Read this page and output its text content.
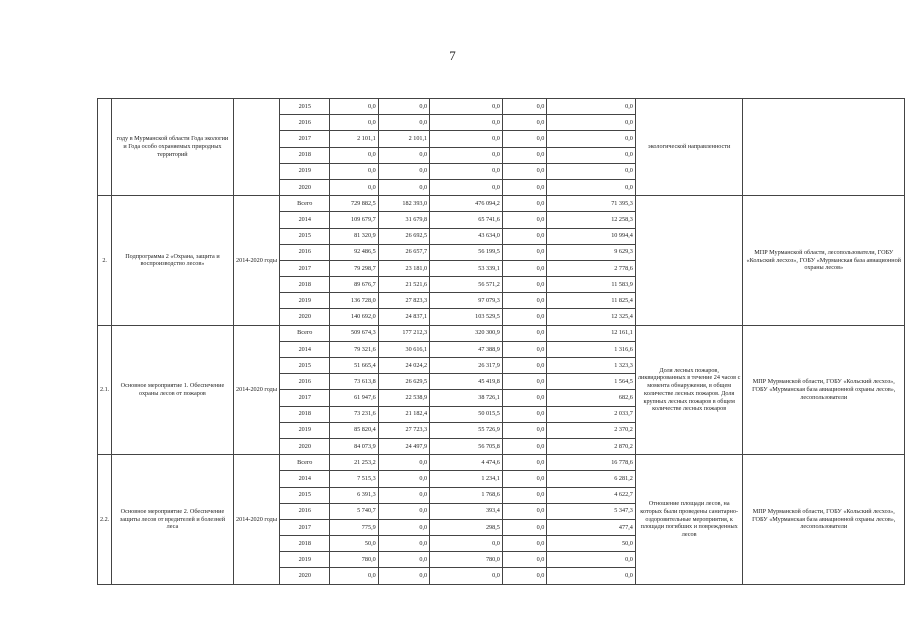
7
	году в Мурманской области Года экологии и Года особо охраняемых природных территорий		2015	0,0	0,0	0,0	0,0	0,0	экологической направленности	
			2016	0,0	0,0	0,0	0,0	0,0		
			2017	2 101,1	2 101,1	0,0	0,0	0,0		
			2018	0,0	0,0	0,0	0,0	0,0		
			2019	0,0	0,0	0,0	0,0	0,0		
			2020	0,0	0,0	0,0	0,0	0,0		
2.	Подпрограмма 2 «Охрана, защита и воспроизводство лесов»	2014-2020 годы	Всего	729 882,5	182 393,0	476 094,2	0,0	71 395,3		МПР Мурманской области, лесопользователи, ГОБУ «Кольский лесхоз», ГОБУ «Мурманская база авиационной охраны лесов»
			2014	109 679,7	31 679,8	65 741,6	0,0	12 258,3		
			2015	81 320,9	26 692,5	43 634,0	0,0	10 994,4		
			2016	92 486,5	26 657,7	56 199,5	0,0	9 629,3		
			2017	79 298,7	23 181,0	53 339,1	0,0	2 778,6		
			2018	89 676,7	21 521,6	56 571,2	0,0	11 583,9		
			2019	136 728,0	27 823,3	97 079,3	0,0	11 825,4		
			2020	140 692,0	24 837,1	103 529,5	0,0	12 325,4		
2.1.	Основное мероприятие 1. Обеспечение охраны лесов от пожаров	2014-2020 годы	Всего	509 674,3	177 212,3	320 300,9	0,0	12 161,1	Доля лесных пожаров, ликвидированных в течение 24 часов с момента обнаружения, в общем количестве лесных пожаров. Доля крупных лесных пожаров в общем количестве лесных пожаров	МПР Мурманской области, ГОБУ «Кольский лесхоз», ГОБУ «Мурманская база авиационной охраны лесов», лесопользователи
			2014	79 321,6	30 616,1	47 388,9	0,0	1 316,6		
			2015	51 665,4	24 024,2	26 317,9	0,0	1 323,3		
			2016	73 613,8	26 629,5	45 419,8	0,0	1 564,5		
			2017	61 947,6	22 538,9	38 726,1	0,0	682,6		
			2018	73 231,6	21 182,4	50 015,5	0,0	2 033,7		
			2019	85 820,4	27 723,3	55 726,9	0,0	2 370,2		
			2020	84 073,9	24 497,9	56 705,8	0,0	2 870,2		
2.2.	Основное мероприятие 2. Обеспечение защиты лесов от вредителей и болезней леса	2014-2020 годы	Всего	21 253,2	0,0	4 474,6	0,0	16 778,6	Отношение площади лесов, на которых были проведены санитарно-оздоровительные мероприятия, к площади погибших и поврежденных лесов	МПР Мурманской области, ГОБУ «Кольский лесхоз», ГОБУ «Мурманская база авиационной охраны лесов», лесопользователи
			2014	7 515,3	0,0	1 234,1	0,0	6 281,2		
			2015	6 391,3	0,0	1 768,6	0,0	4 622,7		
			2016	5 740,7	0,0	393,4	0,0	5 347,3		
			2017	775,9	0,0	298,5	0,0	477,4		
			2018	50,0	0,0	0,0	0,0	50,0		
			2019	780,0	0,0	780,0	0,0	0,0		
			2020	0,0	0,0	0,0	0,0	0,0		
